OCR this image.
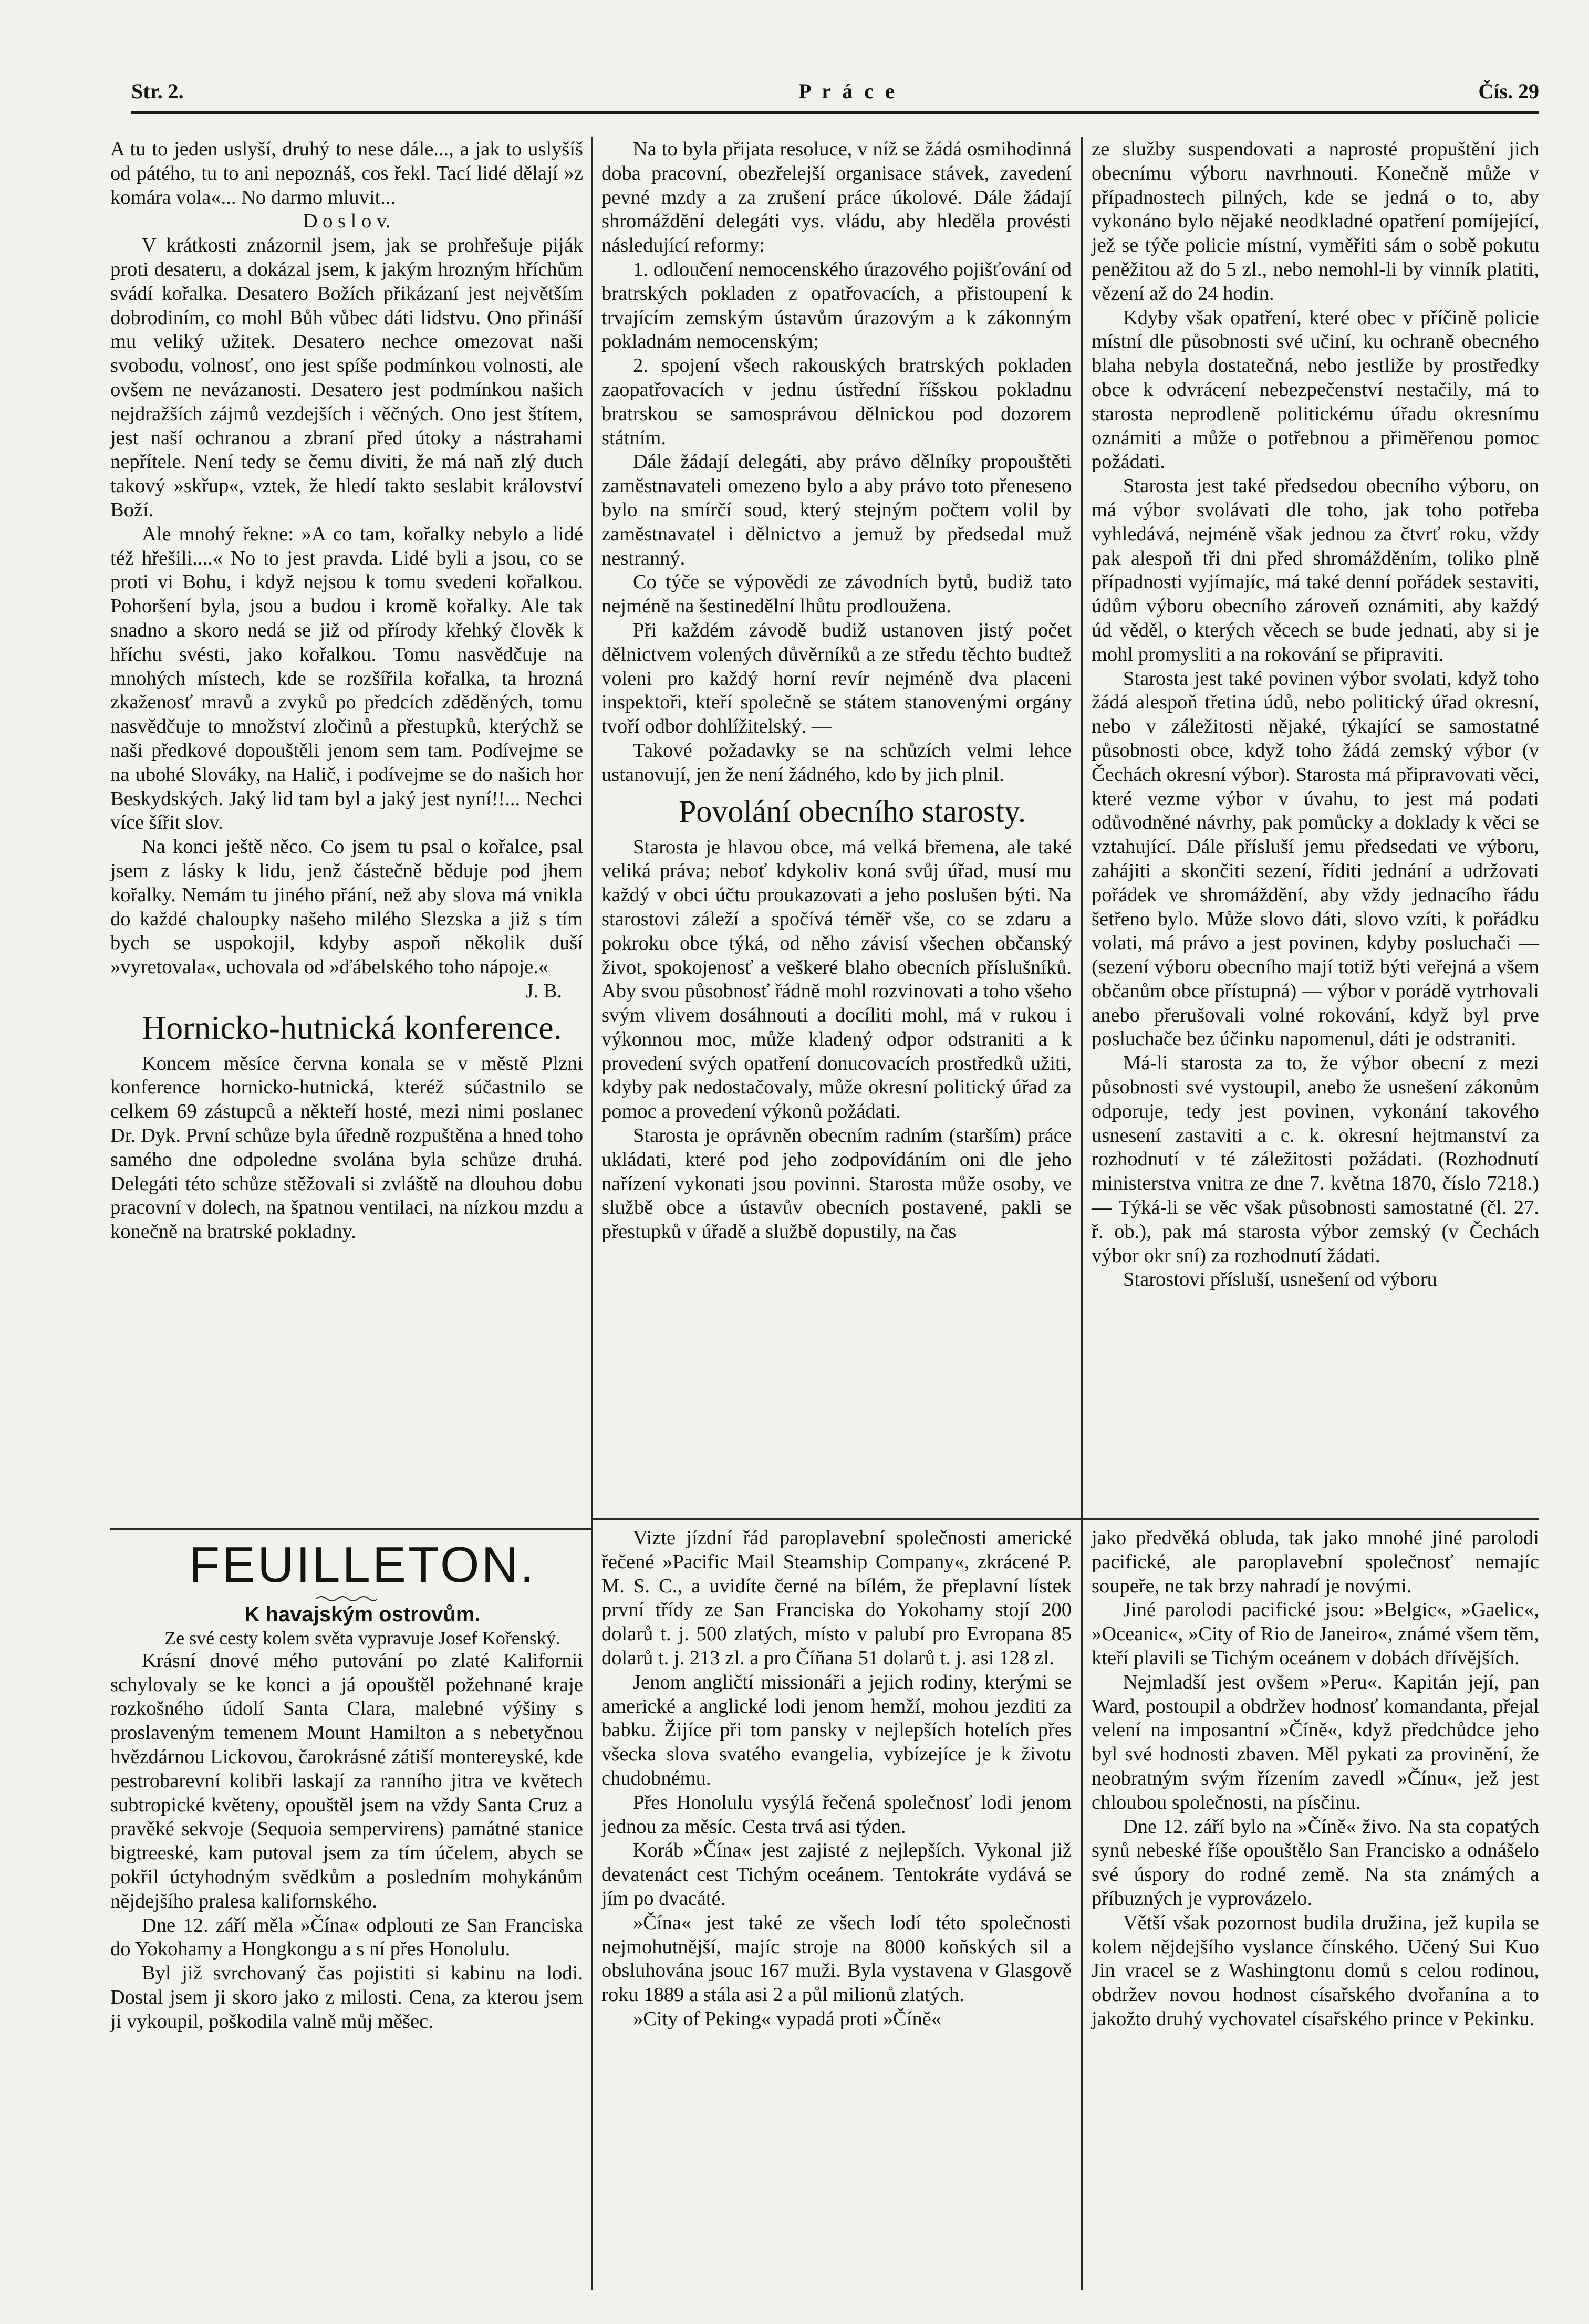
Str. 2.	P r á c e	Čís. 29

A tu to jeden uslyší, druhý to nese dále..., a jak to uslyšíš od pátého, tu to ani nepoznáš, cos řekl. Tací lidé dělají »z komára vola«... No darmo mluvit...

D o s l o v.

V krátkosti znázornil jsem, jak se prohřešuje piják proti desateru, a dokázal jsem, k jakým hrozným hříchům svádí kořalka. Desatero Božích přikázaní jest největším dobrodiním, co mohl Bůh vůbec dáti lidstvu. Ono přináší mu veliký užitek. Desatero nechce omezovat naši svobodu, volnosť, ono jest spíše podmínkou volnosti, ale ovšem ne nevázanosti. Desatero jest podmínkou našich nejdražších zájmů vezdejších i věčných. Ono jest štítem, jest naší ochranou a zbraní před útoky a nástrahami nepřítele. Není tedy se čemu diviti, že má naň zlý duch takový »skřup«, vztek, že hledí takto seslabit království Boží.

Ale mnohý řekne: »A co tam, kořalky nebylo a lidé též hřešili....« No to jest pravda. Lidé byli a jsou, co se proti vi Bohu, i když nejsou k tomu svedeni kořalkou. Pohoršení byla, jsou a budou i kromě kořalky. Ale tak snadno a skoro nedá se již od přírody křehký člověk k hříchu svésti, jako kořalkou. Tomu nasvědčuje na mnohých místech, kde se rozšířila kořalka, ta hrozná zkaženosť mravů a zvyků po předcích zděděných, tomu nasvědčuje to množství zločinů a přestupků, kterýchž se naši předkové dopouštěli jenom sem tam. Podívejme se na ubohé Slováky, na Halič, i podívejme se do našich hor Beskydských. Jaký lid tam byl a jaký jest nyní!!... Nechci více šířit slov.

Na konci ještě něco. Co jsem tu psal o kořalce, psal jsem z lásky k lidu, jenž částečně běduje pod jhem kořalky. Nemám tu jiného přání, než aby slova má vnikla do každé chaloupky našeho milého Slezska a již s tím bych se uspokojil, kdyby aspoň několik duší »vyretovala«, uchovala od »ďábelského toho nápoje.«

J. B.

Hornicko-hutnická konference.

Koncem měsíce června konala se v městě Plzni konference hornicko-hutnická, kteréž súčastnilo se celkem 69 zástupců a někteří hosté, mezi nimi poslanec Dr. Dyk. První schůze byla úředně rozpuštěna a hned toho samého dne odpoledne svolána byla schůze druhá. Delegáti této schůze stěžovali si zvláště na dlouhou dobu pracovní v dolech, na špatnou ventilaci, na nízkou mzdu a konečně na bratrské pokladny.

Na to byla přijata resoluce, v níž se žádá osmihodinná doba pracovní, obezřelejší organisace stávek, zavedení pevné mzdy a za zrušení práce úkolové. Dále žádají shromáždění delegáti vys. vládu, aby hleděla provésti následující reformy:

1. odloučení nemocenského úrazového pojišťování od bratrských pokladen z opatřovacích, a přistoupení k trvajícím zemským ústavům úrazovým a k zákonným pokladnám nemocenským;

2. spojení všech rakouských bratrských pokladen zaopatřovacích v jednu ústřední říšskou pokladnu bratrskou se samosprávou dělnickou pod dozorem státním.

Dále žádají delegáti, aby právo dělníky propouštěti zaměstnavateli omezeno bylo a aby právo toto přeneseno bylo na smírčí soud, který stejným počtem volil by zaměstnavatel i dělnictvo a jemuž by předsedal muž nestranný.

Co týče se výpovědi ze závodních bytů, budiž tato nejméně na šestinedělní lhůtu prodloužena.

Při každém závodě budiž ustanoven jistý počet dělnictvem volených důvěrníků a ze středu těchto budtež voleni pro každý horní revír nejméně dva placeni inspektoři, kteří společně se státem stanovenými orgány tvoří odbor dohlížitelský. —

Takové požadavky se na schůzích velmi lehce ustanovují, jen že není žádného, kdo by jich plnil.

Povolání obecního starosty.

Starosta je hlavou obce, má velká břemena, ale také veliká práva; neboť kdykoliv koná svůj úřad, musí mu každý v obci účtu proukazovati a jeho poslušen býti. Na starostovi záleží a spočívá téměř vše, co se zdaru a pokroku obce týká, od něho závisí všechen občanský život, spokojenosť a veškeré blaho obecních příslušníků. Aby svou působnosť řádně mohl rozvinovati a toho všeho svým vlivem dosáhnouti a docíliti mohl, má v rukou i výkonnou moc, může kladený odpor odstraniti a k provedení svých opatření donucovacích prostředků užiti, kdyby pak nedostačovaly, může okresní politický úřad za pomoc a provedení výkonů požádati.

Starosta je oprávněn obecním radním (starším) práce ukládati, které pod jeho zodpovídáním oni dle jeho nařízení vykonati jsou povinni. Starosta může osoby, ve službě obce a ústavův obecních postavené, pakli se přestupků v úřadě a službě dopustily, na čas

ze služby suspendovati a naprosté propuštění jich obecnímu výboru navrhnouti. Konečně může v případnostech pilných, kde se jedná o to, aby vykonáno bylo nějaké neodkladné opatření pomíjející, jež se týče policie místní, vyměřiti sám o sobě pokutu peněžitou až do 5 zl., nebo nemohl-li by vinník platiti, vězení až do 24 hodin.

Kdyby však opatření, které obec v příčině policie místní dle působnosti své učiní, ku ochraně obecného blaha nebyla dostatečná, nebo jestliže by prostředky obce k odvrácení nebezpečenství nestačily, má to starosta neprodleně politickému úřadu okresnímu oznámiti a může o potřebnou a přiměřenou pomoc požádati.

Starosta jest také předsedou obecního výboru, on má výbor svolávati dle toho, jak toho potřeba vyhledává, nejméně však jednou za čtvrť roku, vždy pak alespoň tři dni před shromážděním, toliko plně případnosti vyjímajíc, má také denní pořádek sestaviti, údům výboru obecního zároveň oznámiti, aby každý úd věděl, o kterých věcech se bude jednati, aby si je mohl promysliti a na rokování se připraviti.

Starosta jest také povinen výbor svolati, když toho žádá alespoň třetina údů, nebo politický úřad okresní, nebo v záležitosti nějaké, týkající se samostatné působnosti obce, když toho žádá zemský výbor (v Čechách okresní výbor). Starosta má připravovati věci, které vezme výbor v úvahu, to jest má podati odůvodněné návrhy, pak pomůcky a doklady k věci se vztahující. Dále přísluší jemu předsedati ve výboru, zahájiti a skončiti sezení, říditi jednání a udržovati pořádek ve shromáždění, aby vždy jednacího řádu šetřeno bylo. Může slovo dáti, slovo vzíti, k pořádku volati, má právo a jest povinen, kdyby posluchači — (sezení výboru obecního mají totiž býti veřejná a všem občanům obce přístupná) — výbor v porádě vytrhovali anebo přerušovali volné rokování, když byl prve posluchače bez účinku napomenul, dáti je odstraniti.

Má-li starosta za to, že výbor obecní z mezi působnosti své vystoupil, anebo že usnešení zákonům odporuje, tedy jest povinen, vykonání takového usnesení zastaviti a c. k. okresní hejtmanství za rozhodnutí v té záležitosti požádati. (Rozhodnutí ministerstva vnitra ze dne 7. května 1870, číslo 7218.) — Týká-li se věc však působnosti samostatné (čl. 27. ř. ob.), pak má starosta výbor zemský (v Čechách výbor okr sní) za rozhodnutí žádati.

Starostovi přísluší, usnešení od výboru

FEUILLETON.

K havajským ostrovům.

Ze své cesty kolem světa vypravuje Josef Kořenský.

Krásní dnové mého putování po zlaté Kalifornii schylovaly se ke konci a já opouštěl požehnané kraje rozkošného údolí Santa Clara, malebné výšiny s proslaveným temenem Mount Hamilton a s nebetyčnou hvězdárnou Lickovou, čarokrásné zátiší montereyské, kde pestrobarevní kolibři laskají za ranního jitra ve květech subtropické květeny, opouštěl jsem na vždy Santa Cruz a pravěké sekvoje (Sequoia sempervirens) památné stanice bigtreeské, kam putoval jsem za tím účelem, abych se pokřil úctyhodným svědkům a posledním mohykánům nějdejšího pralesa kalifornského.

Dne 12. září měla »Čína« odplouti ze San Franciska do Yokohamy a Hongkongu a s ní přes Honolulu.

Byl již svrchovaný čas pojistiti si kabinu na lodi. Dostal jsem ji skoro jako z milosti. Cena, za kterou jsem ji vykoupil, poškodila valně můj měšec.

Vizte jízdní řád paroplavební společnosti americké řečené »Pacific Mail Steamship Company«, zkrácené P. M. S. C., a uvidíte černé na bílém, že přeplavní lístek první třídy ze San Franciska do Yokohamy stojí 200 dolarů t. j. 500 zlatých, místo v palubí pro Evropana 85 dolarů t. j. 213 zl. a pro Číňana 51 dolarů t. j. asi 128 zl.

Jenom angličtí missionáři a jejich rodiny, kterými se americké a anglické lodi jenom hemží, mohou jezditi za babku. Žijíce při tom pansky v nejlepších hotelích přes všecka slova svatého evangelia, vybízejíce je k životu chudobnému.

Přes Honolulu vysýlá řečená společnosť lodi jenom jednou za měsíc. Cesta trvá asi týden.

Koráb »Čína« jest zajisté z nejlepších. Vykonal již devatenáct cest Tichým oceánem. Tentokráte vydává se jím po dvacáté.

»Čína« jest také ze všech lodí této společnosti nejmohutnější, majíc stroje na 8000 koňských sil a obsluhována jsouc 167 muži. Byla vystavena v Glasgově roku 1889 a stála asi 2 a půl milionů zlatých.

»City of Peking« vypadá proti »Číně«

jako předvěká obluda, tak jako mnohé jiné parolodi pacifické, ale paroplavební společnosť nemajíc soupeře, ne tak brzy nahradí je novými.

Jiné parolodi pacifické jsou: »Belgic«, »Gaelic«, »Oceanic«, »City of Rio de Janeiro«, známé všem těm, kteří plavili se Tichým oceánem v dobách dřívějších.

Nejmladší jest ovšem »Peru«. Kapitán její, pan Ward, postoupil a obdržev hodnosť komandanta, přejal velení na imposantní »Číně«, když předchůdce jeho byl své hodnosti zbaven. Měl pykati za provinění, že neobratným svým řízením zavedl »Čínu«, jež jest chloubou společnosti, na písčinu.

Dne 12. září bylo na »Číně« živo. Na sta copatých synů nebeské říše opouštělo San Francisko a odnášelo své úspory do rodné země. Na sta známých a příbuzných je vyprovázelo.

Větší však pozornost budila družina, jež kupila se kolem nějdejšího vyslance čínského. Učený Sui Kuo Jin vracel se z Washingtonu domů s celou rodinou, obdržev novou hodnost císařského dvořanína a to jakožto druhý vychovatel císařského prince v Pekinku.
